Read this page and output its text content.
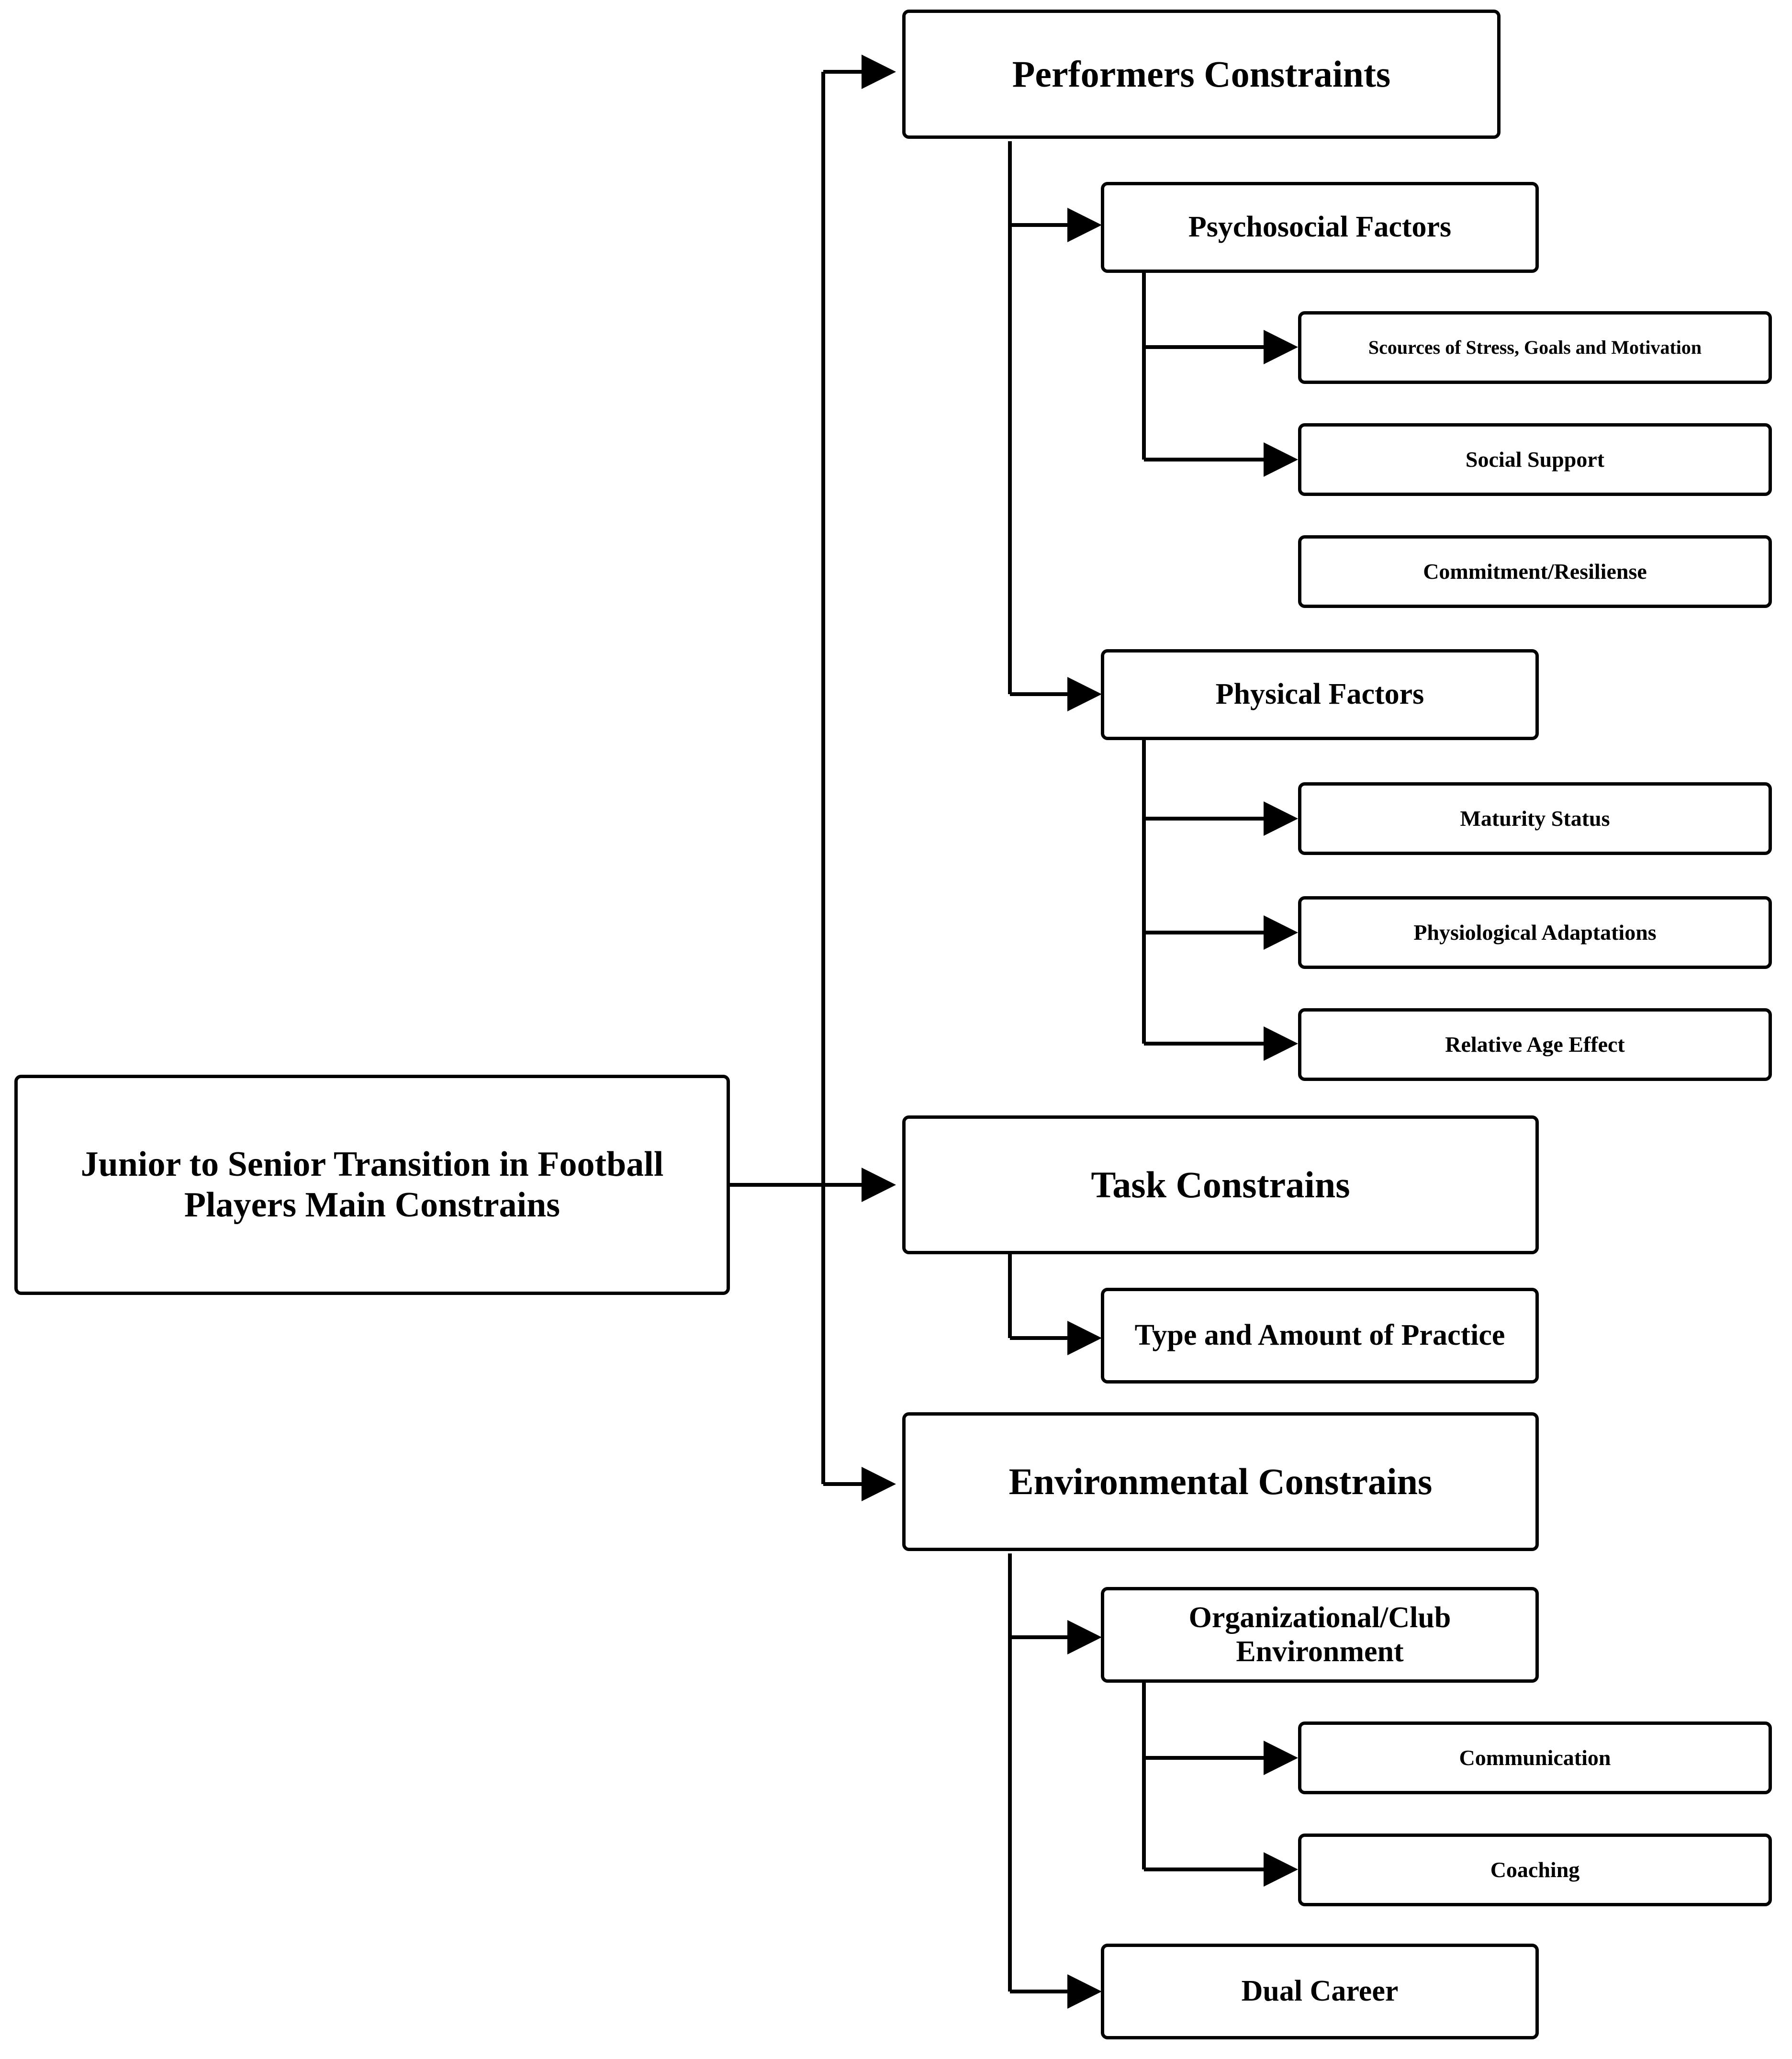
Junior to Senior Transition in Football Players Main Constrains
Performers Constraints
Psychosocial Factors
Scources of Stress, Goals and Motivation
Social Support
Commitment/Resiliense
Physical Factors
Maturity Status
Physiological Adaptations
Relative Age Effect
Task Constrains
Type and Amount of Practice
Environmental Constrains
Organizational/Club Environment
Communication
Coaching
Dual Career
